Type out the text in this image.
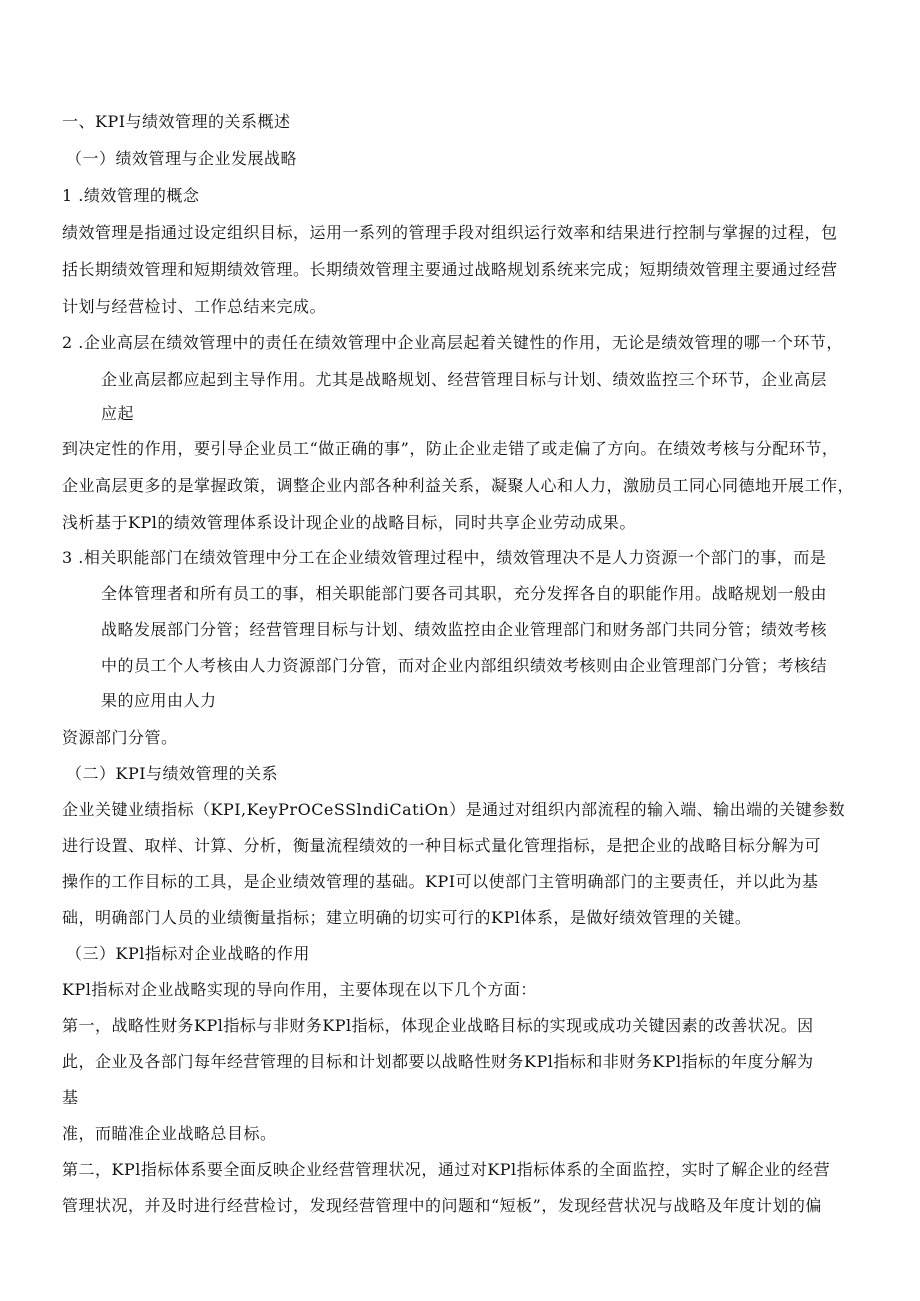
一、KPI与绩效管理的关系概述
（一）绩效管理与企业发展战略
1 .绩效管理的概念
绩效管理是指通过设定组织目标，运用一系列的管理手段对组织运行效率和结果进行控制与掌握的过程，包
括长期绩效管理和短期绩效管理。长期绩效管理主要通过战略规划系统来完成；短期绩效管理主要通过经营
计划与经营检讨、工作总结来完成。
2 .企业高层在绩效管理中的责任在绩效管理中企业高层起着关键性的作用，无论是绩效管理的哪一个环节，
企业高层都应起到主导作用。尤其是战略规划、经营管理目标与计划、绩效监控三个环节，企业高层
应起
到决定性的作用，要引导企业员工“做正确的事”，防止企业走错了或走偏了方向。在绩效考核与分配环节，
企业高层更多的是掌握政策，调整企业内部各种利益关系，凝聚人心和人力，激励员工同心同德地开展工作，
浅析基于KPl的绩效管理体系设计现企业的战略目标，同时共享企业劳动成果。
3 .相关职能部门在绩效管理中分工在企业绩效管理过程中，绩效管理决不是人力资源一个部门的事，而是
全体管理者和所有员工的事，相关职能部门要各司其职，充分发挥各自的职能作用。战略规划一般由
战略发展部门分管；经营管理目标与计划、绩效监控由企业管理部门和财务部门共同分管；绩效考核
中的员工个人考核由人力资源部门分管，而对企业内部组织绩效考核则由企业管理部门分管；考核结
果的应用由人力
资源部门分管。
（二）KPI与绩效管理的关系
企业关键业绩指标（KPI,KeyPrOCeSSlndiCatiOn）是通过对组织内部流程的输入端、输出端的关键参数
进行设置、取样、计算、分析，衡量流程绩效的一种目标式量化管理指标，是把企业的战略目标分解为可
操作的工作目标的工具，是企业绩效管理的基础。KPI可以使部门主管明确部门的主要责任，并以此为基
础，明确部门人员的业绩衡量指标；建立明确的切实可行的KPl体系，是做好绩效管理的关键。
（三）KPl指标对企业战略的作用
KPl指标对企业战略实现的导向作用，主要体现在以下几个方面：
第一，战略性财务KPl指标与非财务KPl指标，体现企业战略目标的实现或成功关键因素的改善状况。因
此，企业及各部门每年经营管理的目标和计划都要以战略性财务KPl指标和非财务KPl指标的年度分解为
基
准，而瞄准企业战略总目标。
第二，KPl指标体系要全面反映企业经营管理状况，通过对KPl指标体系的全面监控，实时了解企业的经营
管理状况，并及时进行经营检讨，发现经营管理中的问题和“短板”，发现经营状况与战略及年度计划的偏
